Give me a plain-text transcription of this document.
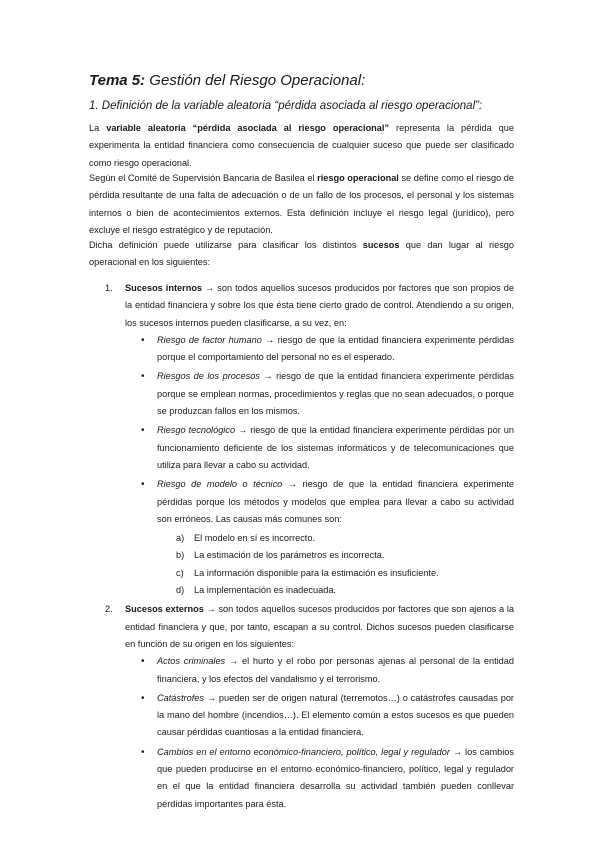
Tema 5: Gestión del Riesgo Operacional:
1. Definición de la variable aleatoria “pérdida asociada al riesgo operacional”:
La variable aleatoria “pérdida asociada al riesgo operacional” representa la pérdida que experimenta la entidad financiera como consecuencia de cualquier suceso que puede ser clasificado como riesgo operacional.
Según el Comité de Supervisión Bancaria de Basilea el riesgo operacional se define como el riesgo de pérdida resultante de una falta de adecuación o de un fallo de los procesos, el personal y los sistemas internos o bien de acontecimientos externos. Esta definición incluye el riesgo legal (jurídico), pero excluye el riesgo estratégico y de reputación.
Dicha definición puede utilizarse para clasificar los distintos sucesos que dan lugar al riesgo operacional en los siguientes:
1.	Sucesos internos → son todos aquellos sucesos producidos por factores que son propios de la entidad financiera y sobre los que ésta tiene cierto grado de control. Atendiendo a su origen, los sucesos internos pueden clasificarse, a su vez, en:
• Riesgo de factor humano → riesgo de que la entidad financiera experimente pérdidas porque el comportamiento del personal no es el esperado.
• Riesgos de los procesos → riesgo de que la entidad financiera experimente pérdidas porque se emplean normas, procedimientos y reglas que no sean adecuados, o porque se produzcan fallos en los mismos.
• Riesgo tecnológico → riesgo de que la entidad financiera experimente pérdidas por un funcionamiento deficiente de los sistemas informáticos y de telecomunicaciones que utiliza para llevar a cabo su actividad.
• Riesgo de modelo o técnico → riesgo de que la entidad financiera experimente pérdidas porque los métodos y modelos que emplea para llevar a cabo su actividad son erróneos. Las causas más comunes son:
a) El modelo en sí es incorrecto.
b) La estimación de los parámetros es incorrecta.
c) La información disponible para la estimación es insuficiente.
d) La implementación es inadecuada.
2.	Sucesos externos → son todos aquellos sucesos producidos por factores que son ajenos a la entidad financiera y que, por tanto, escapan a su control. Dichos sucesos pueden clasificarse en función de su origen en los siguientes:
• Actos criminales → el hurto y el robo por personas ajenas al personal de la entidad financiera, y los efectos del vandalismo y el terrorismo.
• Catástrofes → pueden ser de origen natural (terremotos…) o catástrofes causadas por la mano del hombre (incendios…). El elemento común a estos sucesos es que pueden causar pérdidas cuantiosas a la entidad financiera.
• Cambios en el entorno económico-financiero, político, legal y regulador → los cambios que pueden producirse en el entorno económico-financiero, político, legal y regulador en el que la entidad financiera desarrolla su actividad también pueden conllevar pérdidas importantes para ésta.
